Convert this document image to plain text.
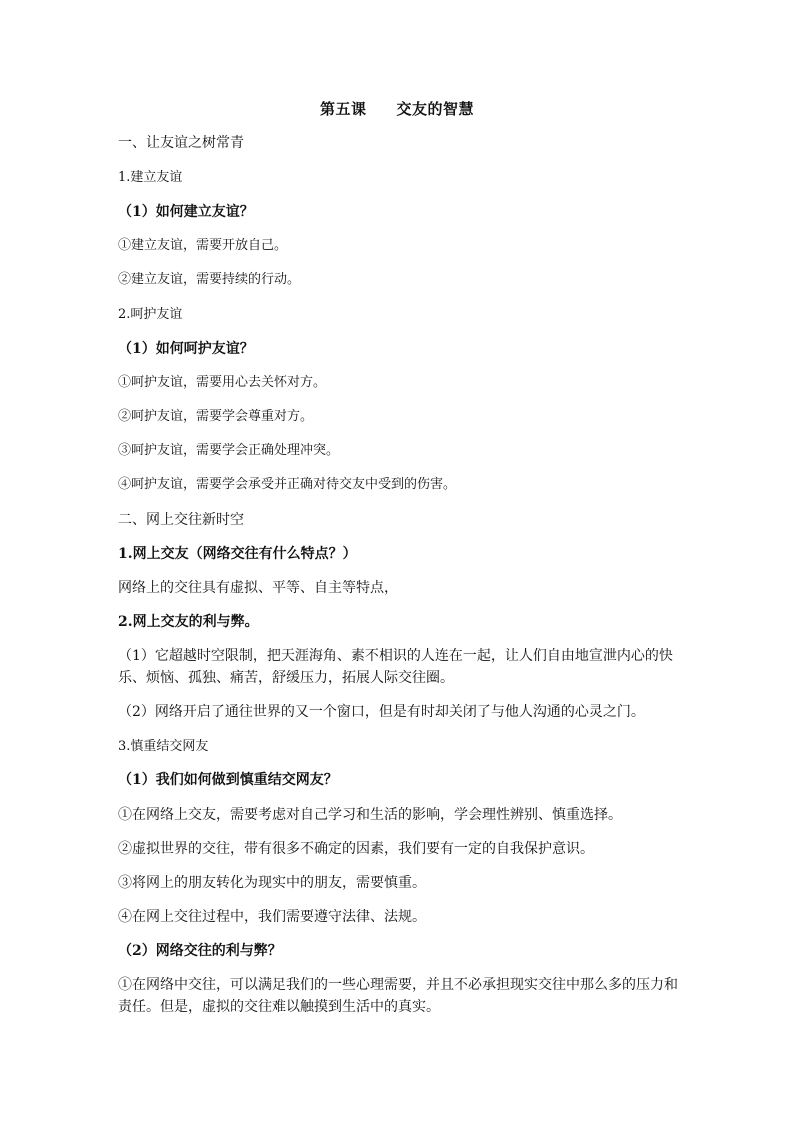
第五课 交友的智慧
一、让友谊之树常青
1.建立友谊
（1）如何建立友谊？
①建立友谊，需要开放自己。
②建立友谊，需要持续的行动。
2.呵护友谊
（1）如何呵护友谊？
①呵护友谊，需要用心去关怀对方。
②呵护友谊，需要学会尊重对方。
③呵护友谊，需要学会正确处理冲突。
④呵护友谊，需要学会承受并正确对待交友中受到的伤害。
二、网上交往新时空
1.网上交友（网络交往有什么特点？）
网络上的交往具有虚拟、平等、自主等特点，
2.网上交友的利与弊。
（1）它超越时空限制，把天涯海角、素不相识的人连在一起，让人们自由地宣泄内心的快乐、烦恼、孤独、痛苦，舒缓压力，拓展人际交往圈。
（2）网络开启了通往世界的又一个窗口，但是有时却关闭了与他人沟通的心灵之门。
3.慎重结交网友
（1）我们如何做到慎重结交网友？
①在网络上交友，需要考虑对自己学习和生活的影响，学会理性辨别、慎重选择。
②虚拟世界的交往，带有很多不确定的因素，我们要有一定的自我保护意识。
③将网上的朋友转化为现实中的朋友，需要慎重。
④在网上交往过程中，我们需要遵守法律、法规。
（2）网络交往的利与弊？
①在网络中交往，可以满足我们的一些心理需要，并且不必承担现实交往中那么多的压力和责任。但是，虚拟的交往难以触摸到生活中的真实。
